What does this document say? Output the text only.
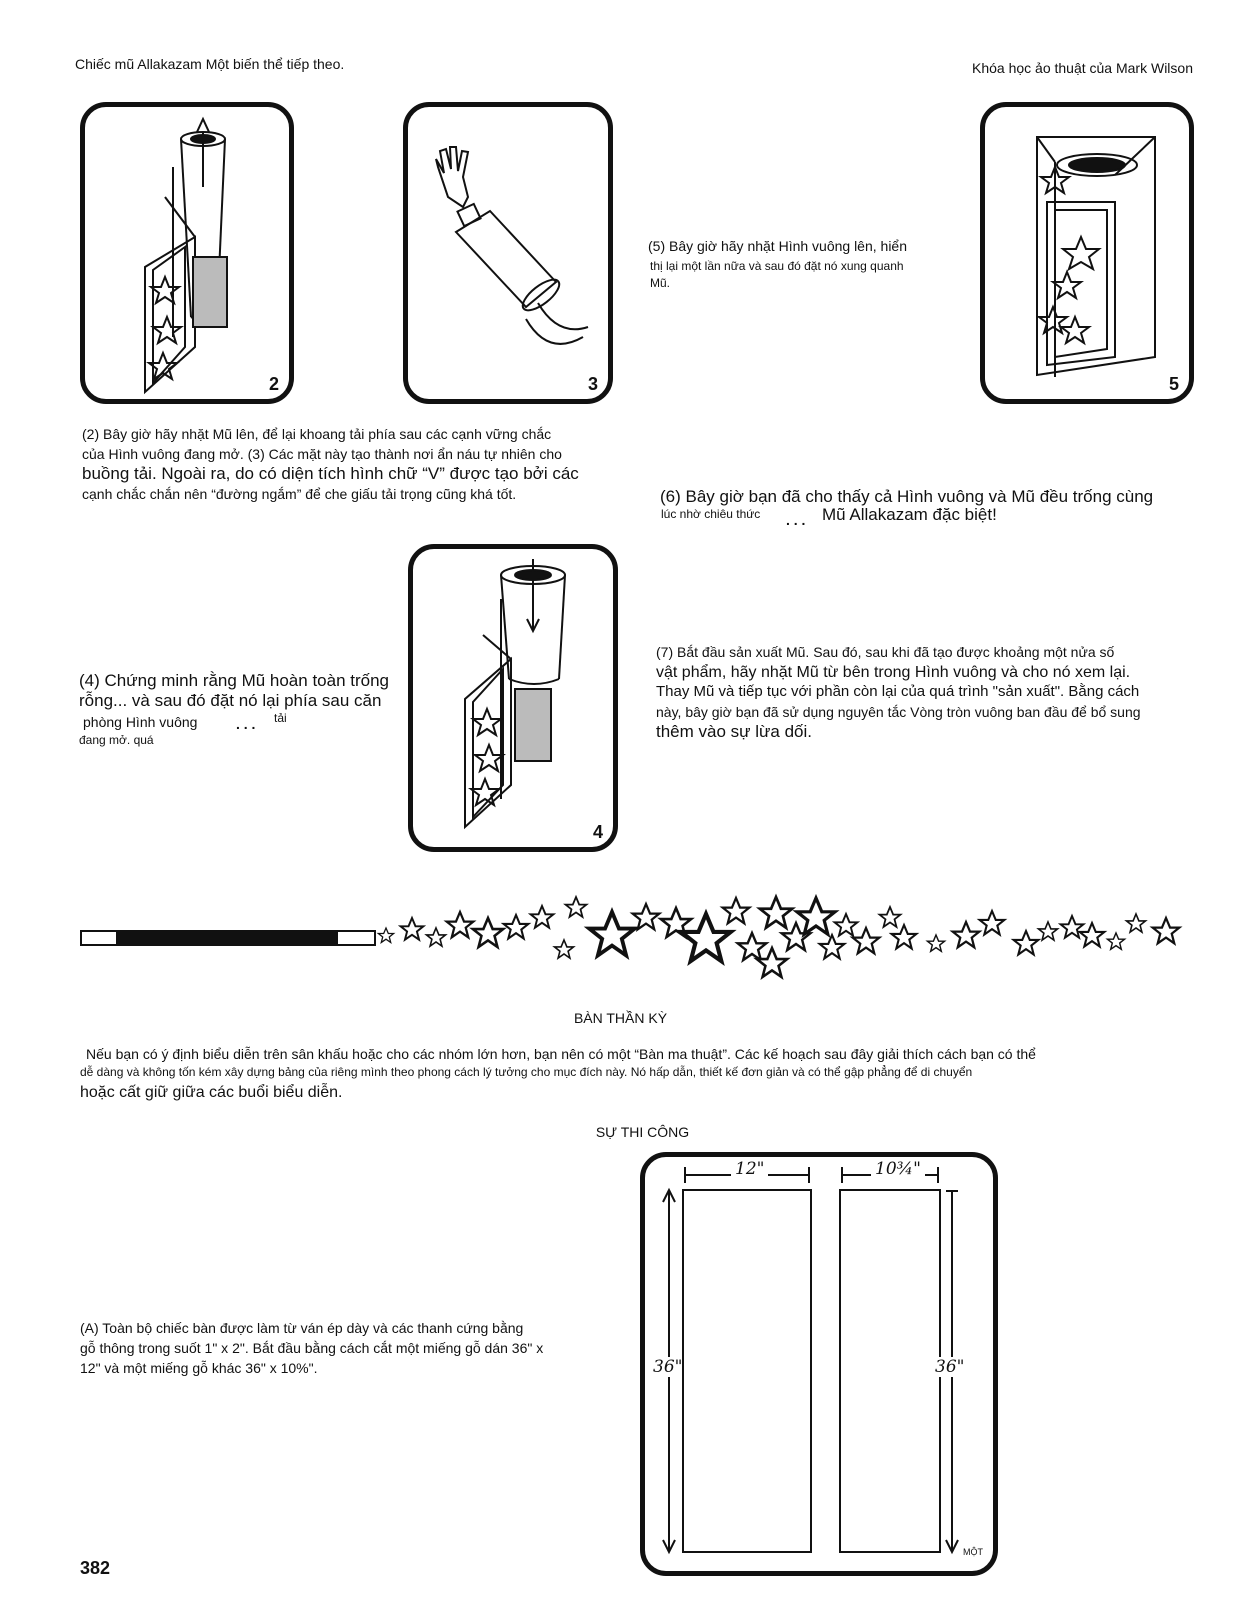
Chiếc mũ Allakazam Một biến thể tiếp theo.	Khóa học ảo thuật của Mark Wilson
2	3
(5) Bây giờ hãy nhặt Hình vuông lên, hiển
thị lại một lần nữa và sau đó đặt nó xung quanh
Mũ.
5
(2) Bây giờ hãy nhặt Mũ lên, để lại khoang tải phía sau các cạnh vững chắc
của Hình vuông đang mở. (3) Các mặt này tạo thành nơi ẩn náu tự nhiên cho
buồng tải. Ngoài ra, do có diện tích hình chữ “V” được tạo bởi các
cạnh chắc chắn nên “đường ngắm” để che giấu tải trọng cũng khá tốt.	(6) Bây giờ bạn đã cho thấy cả Hình vuông và Mũ đều trống cùng
lúc nhờ chiêu thức . . . Mũ Allakazam đặc biệt!
4
(4) Chứng minh rằng Mũ hoàn toàn trống
rỗng... và sau đó đặt nó lại phía sau căn
phòng Hình vuông	. . . tải
đang mở. quá
(7) Bắt đầu sản xuất Mũ. Sau đó, sau khi đã tạo được khoảng một nửa số
vật phẩm, hãy nhặt Mũ từ bên trong Hình vuông và cho nó xem lại.
Thay Mũ và tiếp tục với phần còn lại của quá trình "sản xuất". Bằng cách
này, bây giờ bạn đã sử dụng nguyên tắc Vòng tròn vuông ban đầu để bổ sung
thêm vào sự lừa dối.
BÀN THẦN KỲ
Nếu bạn có ý định biểu diễn trên sân khấu hoặc cho các nhóm lớn hơn, bạn nên có một “Bàn ma thuật”. Các kế hoạch sau đây giải thích cách bạn có thể
dễ dàng và không tốn kém xây dựng bảng của riêng mình theo phong cách lý tưởng cho mục đích này. Nó hấp dẫn, thiết kế đơn giản và có thể gập phẳng để di chuyển
hoặc cất giữ giữa các buổi biểu diễn.
SỰ THI CÔNG
(A) Toàn bộ chiếc bàn được làm từ ván ép dày và các thanh cứng bằng
gỗ thông trong suốt 1" x 2". Bắt đầu bằng cách cắt một miếng gỗ dán 36" x
12" và một miếng gỗ khác 36" x 10%".
12"	10¾"
36"	36"
MỘT
382
